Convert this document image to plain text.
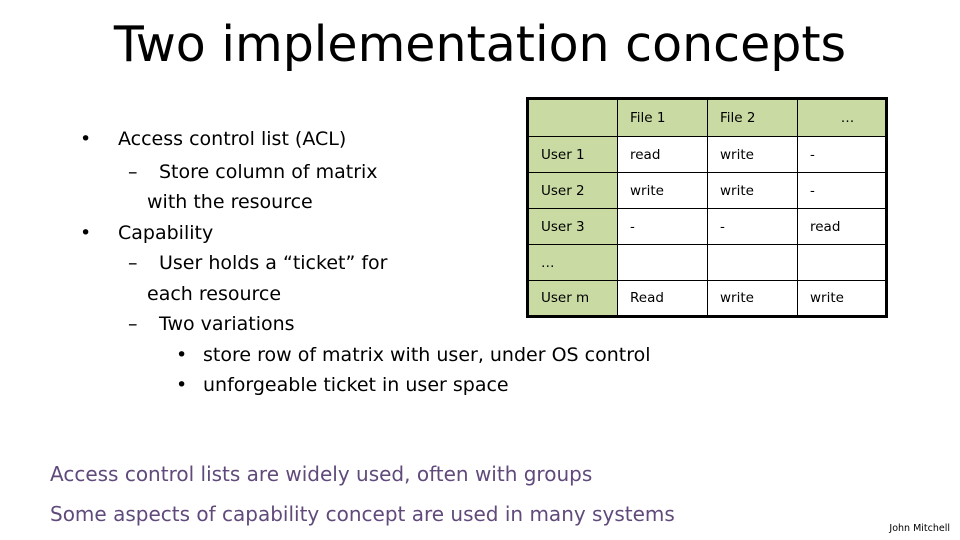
Two implementation concepts
• Access control list (ACL)
– Store column of matrix
with the resource
• Capability
– User holds a “ticket” for
each resource
– Two variations
• store row of matrix with user, under OS control
• unforgeable ticket in user space
	File 1	File 2	…
User 1	read	write	-
User 2	write	write	-
User 3	-	-	read
…			
User m	Read	write	write
Access control lists are widely used, often with groups
Some aspects of capability concept are used in many systems
John Mitchell
